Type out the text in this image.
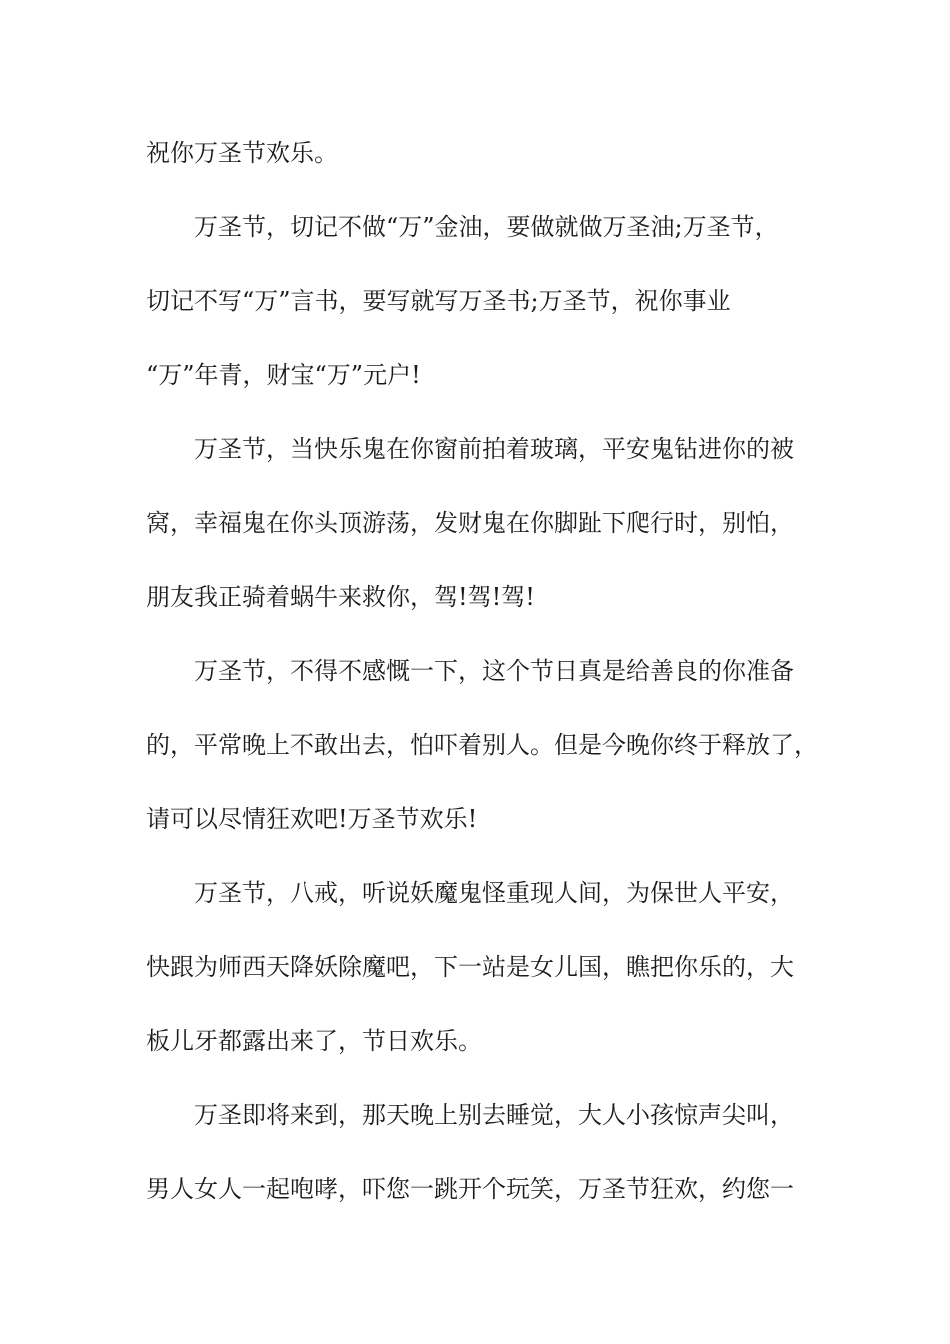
祝你万圣节欢乐。

万圣节，切记不做“万”金油，要做就做万圣油;万圣节，

切记不写“万”言书，要写就写万圣书;万圣节，祝你事业

“万”年青，财宝“万”元户!

万圣节，当快乐鬼在你窗前拍着玻璃，平安鬼钻进你的被

窝，幸福鬼在你头顶游荡，发财鬼在你脚趾下爬行时，别怕，

朋友我正骑着蜗牛来救你，驾!驾!驾!

万圣节，不得不感慨一下，这个节日真是给善良的你准备

的，平常晚上不敢出去，怕吓着别人。但是今晚你终于释放了，

请可以尽情狂欢吧!万圣节欢乐!

万圣节，八戒，听说妖魔鬼怪重现人间，为保世人平安，

快跟为师西天降妖除魔吧，下一站是女儿国，瞧把你乐的，大

板儿牙都露出来了，节日欢乐。

万圣即将来到，那天晚上别去睡觉，大人小孩惊声尖叫，

男人女人一起咆哮，吓您一跳开个玩笑，万圣节狂欢，约您一
